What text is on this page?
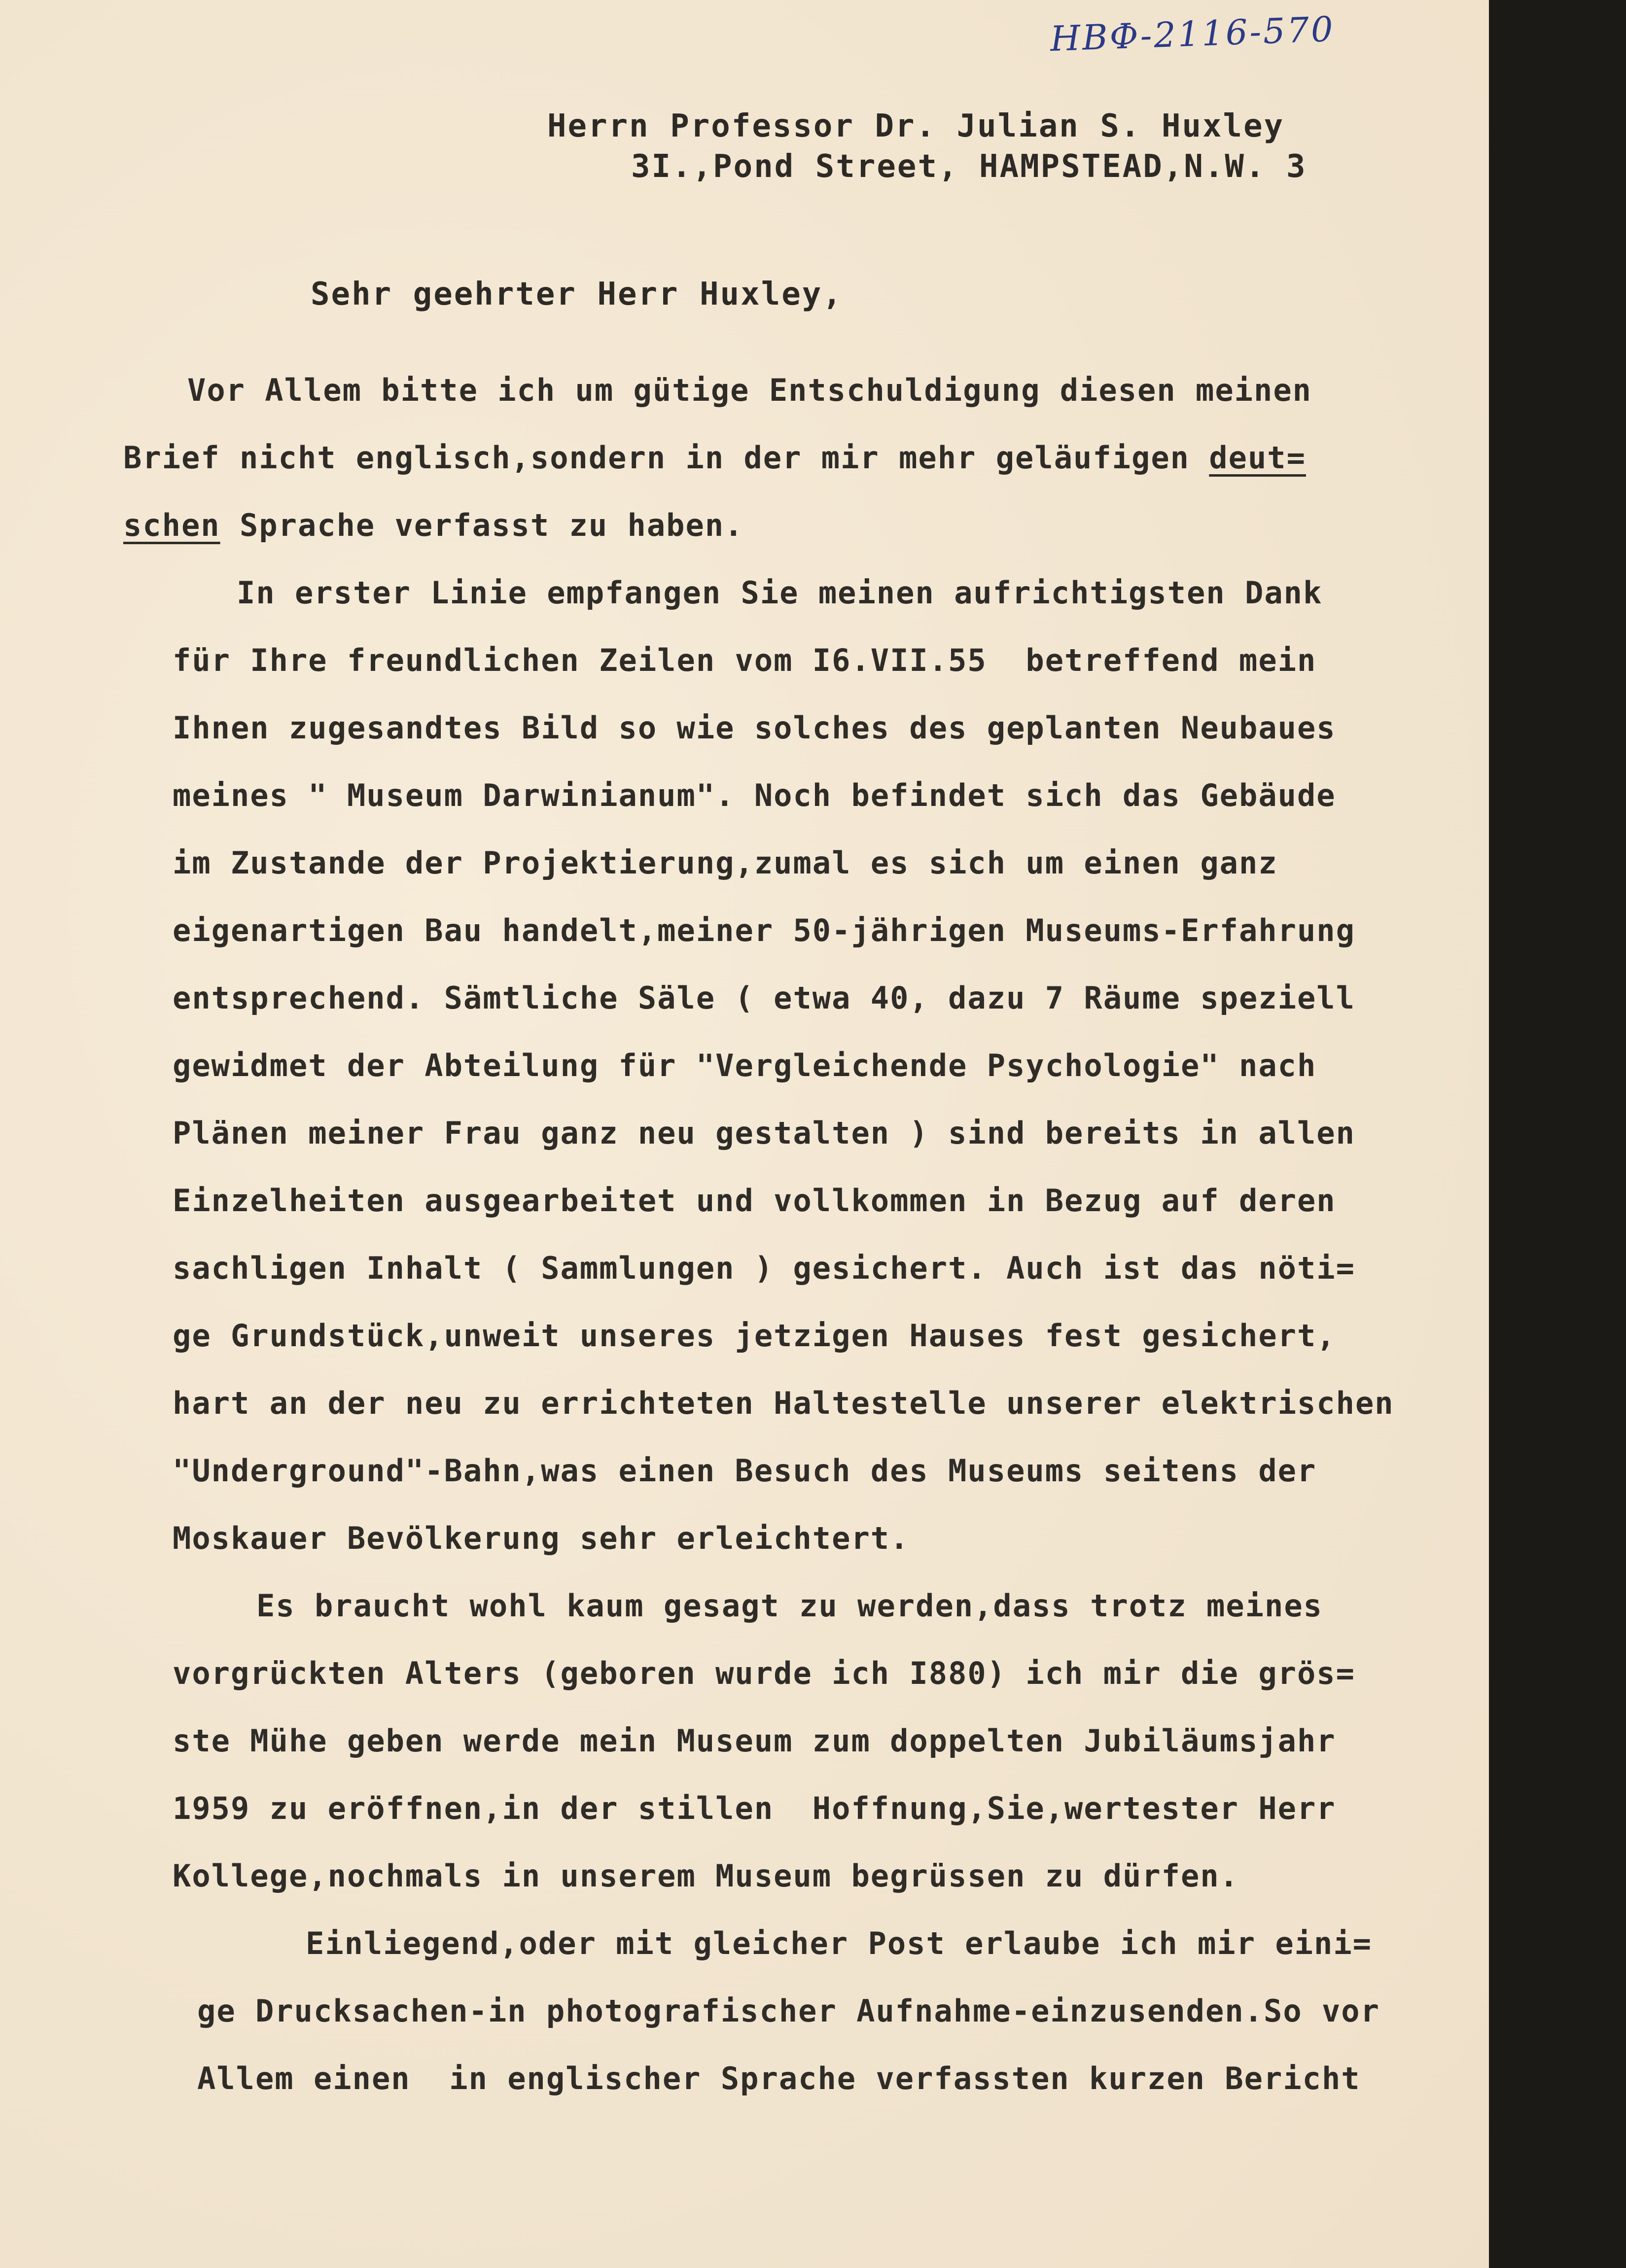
НВФ-2116-570
Herrn Professor Dr. Julian S. Huxley
3I.,Pond Street, HAMPSTEAD,N.W. 3
Sehr geehrter Herr Huxley,
Vor Allem bitte ich um gütige Entschuldigung diesen meinen
Brief nicht englisch,sondern in der mir mehr geläufigen deut=
schen Sprache verfasst zu haben.
In erster Linie empfangen Sie meinen aufrichtigsten Dank
für Ihre freundlichen Zeilen vom I6.VII.55  betreffend mein
Ihnen zugesandtes Bild so wie solches des geplanten Neubaues
meines " Museum Darwinianum". Noch befindet sich das Gebäude
im Zustande der Projektierung,zumal es sich um einen ganz
eigenartigen Bau handelt,meiner 50-jährigen Museums-Erfahrung
entsprechend. Sämtliche Säle ( etwa 40, dazu 7 Räume speziell
gewidmet der Abteilung für "Vergleichende Psychologie" nach
Plänen meiner Frau ganz neu gestalten ) sind bereits in allen
Einzelheiten ausgearbeitet und vollkommen in Bezug auf deren
sachligen Inhalt ( Sammlungen ) gesichert. Auch ist das nöti=
ge Grundstück,unweit unseres jetzigen Hauses fest gesichert,
hart an der neu zu errichteten Haltestelle unserer elektrischen
"Underground"-Bahn,was einen Besuch des Museums seitens der
Moskauer Bevölkerung sehr erleichtert.
Es braucht wohl kaum gesagt zu werden,dass trotz meines
vorgrückten Alters (geboren wurde ich I880) ich mir die grös=
ste Mühe geben werde mein Museum zum doppelten Jubiläumsjahr
1959 zu eröffnen,in der stillen  Hoffnung,Sie,wertester Herr
Kollege,nochmals in unserem Museum begrüssen zu dürfen.
Einliegend,oder mit gleicher Post erlaube ich mir eini=
ge Drucksachen-in photografischer Aufnahme-einzusenden.So vor
Allem einen  in englischer Sprache verfassten kurzen Bericht
